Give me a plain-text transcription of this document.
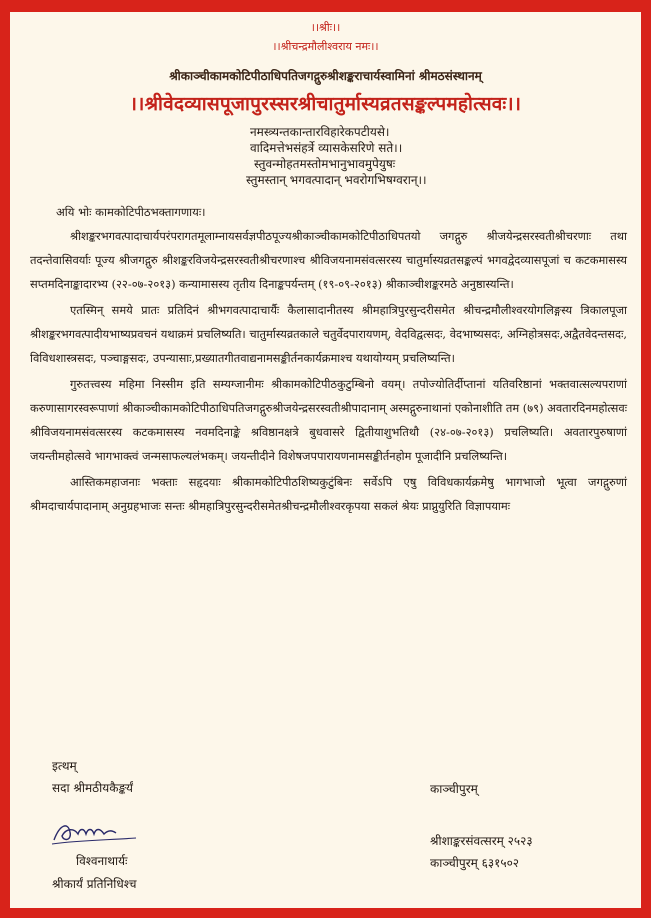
।।श्रीः।।
।।श्रीचन्द्रमौलीश्वराय नमः।।
श्रीकाञ्चीकामकोटिपीठाधिपतिजगद्गुरुश्रीशङ्कराचार्यस्वामिनां श्रीमठसंस्थानम्
।।श्रीवेदव्यासपूजापुरस्सरश्रीचातुर्मास्यव्रतसङ्कल्पमहोत्सवः।।
नमस्त्र्यन्तकान्तारविहारेकपटीयसे।
वादिमत्तेभसंहर्त्रे व्यासकेसरिणे सते।।
स्तुवन्मोहतमस्तोमभानुभावमुपेयुषः
स्तुमस्तान् भगवत्पादान् भवरोगभिषग्वरान्।।
अयि भोः कामकोटिपीठभक्तागणायः।

श्रीशङ्करभगवत्पादाचार्यपरंपरागतमूलाम्नायसर्वज्ञपीठपूज्यश्रीकाञ्चीकामकोटिपीठाधिपतयो जगद्गुरु श्रीजयेन्द्रसरस्वतीश्रीचरणाः तथा तदन्तेवासिवर्याः पूज्य श्रीजगद्गुरु श्रीशङ्करविजयेन्द्रसरस्वतीश्रीचरणाश्च श्रीविजयनामसंवत्सरस्य चातुर्मास्यव्रतसङ्कल्पं भगवद्वेदव्यासपूजां च कटकमासस्य सप्तमदिनाङ्कादारभ्य (२२-०७-२०१३) कन्यामासस्य तृतीय दिनाङ्कपर्यन्तम् (१९-०९-२०१३) श्रीकाञ्चीशङ्करमठे अनुष्ठास्यन्ति।

एतस्मिन् समये प्रातः प्रतिदिनं श्रीभगवत्पादाचार्यैः कैलासादानीतस्य श्रीमहात्रिपुरसुन्दरीसमेत श्रीचन्द्रमौलीश्वरयोगलिङ्गस्य त्रिकालपूजा श्रीशङ्करभगवत्पादीयभाष्यप्रवचनं यथाक्रमं प्रचलिष्यति। चातुर्मास्यव्रतकाले चतुर्वेदपारायणम्, वेदविद्वत्सदः, वेदभाष्यसदः, अग्निहोत्रसदः,अद्वैतवेदन्तसदः, विविधशास्त्रसदः, पञ्चाङ्गसदः, उपन्यासाः,प्रख्यातगीतवाद्यनामसङ्कीर्तनकार्यक्रमाश्च यथायोग्यम् प्रचलिष्यन्ति।

गुरुतत्त्वस्य महिमा निस्सीम इति सम्यग्जानीमः श्रीकामकोटिपीठकुटुम्बिनो वयम्। तपोज्योतिर्दीप्तानां यतिवरिष्ठानां भक्तवात्सल्यपराणां करुणासागरस्वरूपाणां श्रीकाञ्चीकामकोटिपीठाधिपतिजगद्गुरुश्रीजयेन्द्रसरस्वतीश्रीपादानाम् अस्मद्गुरुनाथानां एकोनाशीति तम (७९) अवतारदिनमहोत्सवः श्रीविजयनामसंवत्सरस्य कटकमासस्य नवमदिनाङ्के श्रविष्ठानक्षत्रे बुधवासरे द्वितीयाशुभतिथौ (२४-०७-२०१३) प्रचलिष्यति। अवतारपुरुषाणां जयन्तीमहोत्सवे भागभाक्त्वं जन्मसाफल्यलंभकम्। जयन्तीदीने विशेषजपपारायणनामसङ्कीर्तनहोम पूजादीनि प्रचलिष्यन्ति।

आस्तिकमहाजनाः भक्ताः सहृदयाः श्रीकामकोटिपीठशिष्यकुटुंबिनः सर्वेऽपि एषु विविधकार्यक्रमेषु भागभाजो भूत्वा जगद्गुरुणां श्रीमदाचार्यपादानाम् अनुग्रहभाजः सन्तः श्रीमहात्रिपुरसुन्दरीसमेतश्रीचन्द्रमौलीश्वरकृपया सकलं श्रेयः प्राप्नुयुरिति विज्ञापयामः

इत्थम्
सदा श्रीमठीयकैङ्कर्यं	काञ्चीपुरम्
श्रीशाङ्करसंवत्सरम् २५२३
विश्वनाथार्यः	काञ्चीपुरम् ६३१५०२
श्रीकार्यं प्रतिनिधिश्च
